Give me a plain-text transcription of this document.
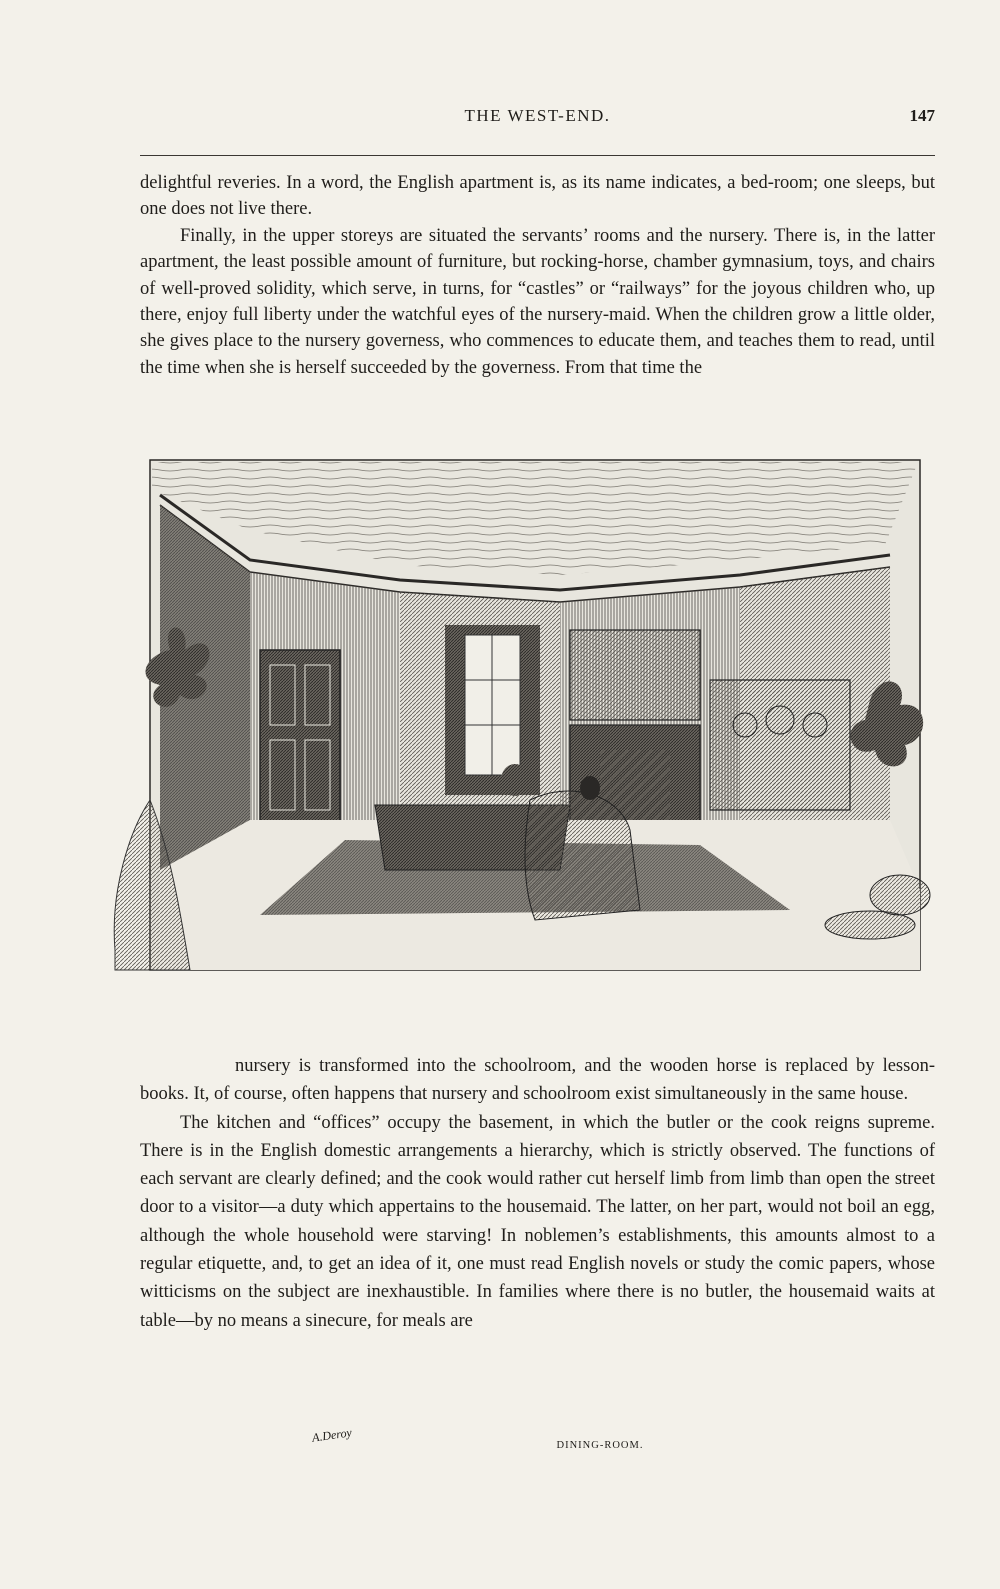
THE WEST-END.	147

delightful reveries. In a word, the English apartment is, as its name indicates, a bed-room; one sleeps, but one does not live there.

Finally, in the upper storeys are situated the servants’ rooms and the nursery. There is, in the latter apartment, the least possible amount of furniture, but rocking-horse, chamber gymnasium, toys, and chairs of well-proved solidity, which serve, in turns, for “castles” or “railways” for the joyous children who, up there, enjoy full liberty under the watchful eyes of the nursery-maid. When the children grow a little older, she gives place to the nursery governess, who commences to educate them, and teaches them to read, until the time when she is herself succeeded by the governess. From that time the

DINING-ROOM.
A.Deroy

nursery is transformed into the schoolroom, and the wooden horse is replaced by lesson-books. It, of course, often happens that nursery and schoolroom exist simultaneously in the same house.

The kitchen and “offices” occupy the basement, in which the butler or the cook reigns supreme. There is in the English domestic arrangements a hierarchy, which is strictly observed. The functions of each servant are clearly defined; and the cook would rather cut herself limb from limb than open the street door to a visitor—a duty which appertains to the housemaid. The latter, on her part, would not boil an egg, although the whole household were starving! In noblemen’s establishments, this amounts almost to a regular etiquette, and, to get an idea of it, one must read English novels or study the comic papers, whose witticisms on the subject are inexhaustible. In families where there is no butler, the housemaid waits at table—by no means a sinecure, for meals are
